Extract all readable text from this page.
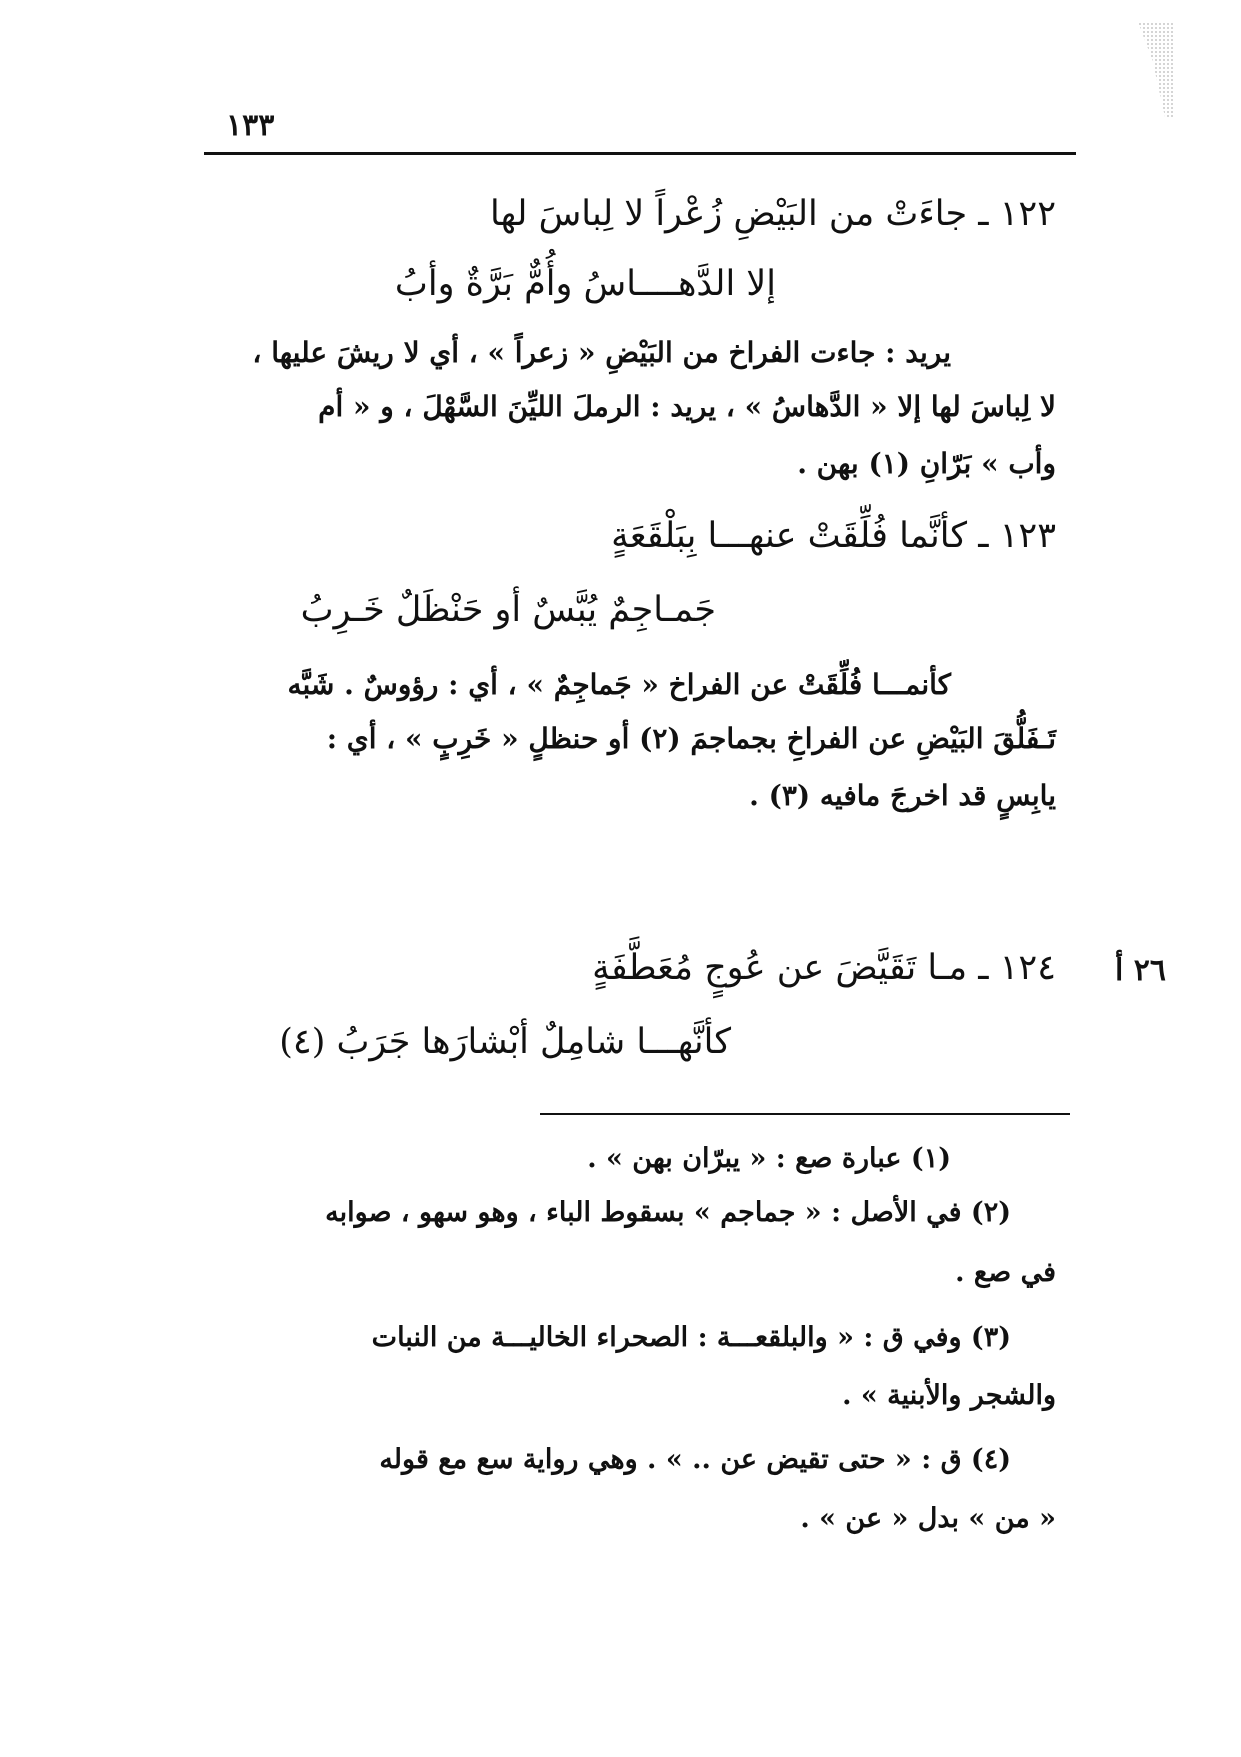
١٣٣
١٢٢ ـ جاءَتْ من البَيْضِ زُعْراً لا لِباسَ لها
إلا الدَّهــــاسُ وأُمٌّ بَرَّةٌ وأبُ
يريد : جاءت الفراخ من البَيْضِ « زعراً » ، أي لا ريشَ عليها ،
لا لِباسَ لها إلا « الدَّهاسُ » ، يريد : الرملَ الليِّنَ السَّهْلَ ، و « أم
وأب » بَرّانِ (١) بهن .
١٢٣ ـ كأنَّما فُلِّقَتْ عنهـــا بِبَلْقَعَةٍ
جَمـاجِمٌ يُبَّسٌ أو حَنْظَلٌ خَـرِبُ
كأنمـــا فُلِّقَتْ عن الفراخ « جَماجِمٌ » ، أي : رؤوسٌ . شَبَّه
تَـفَلُّقَ البَيْضِ عن الفراخِ بجماجمَ (٢) أو حنظلٍ « خَرِبٍ » ، أي :
يابِسٍ قد اخرجَ مافيه (٣) .
٢٦ أ
١٢٤ ـ مـا تَقَيَّضَ عن عُوجٍ مُعَطَّفَةٍ
كأنَّهـــا شامِلٌ أبْشارَها جَرَبُ (٤)
(١) عبارة صع : « يبرّان بهن » .
(٢) في الأصل : « جماجم » بسقوط الباء ، وهو سهو ، صوابه
في صع .
(٣) وفي ق : « والبلقعـــة : الصحراء الخاليـــة من النبات
والشجر والأبنية » .
(٤) ق : « حتى تقيض عن .. » . وهي رواية سع مع قوله
« من » بدل « عن » .
